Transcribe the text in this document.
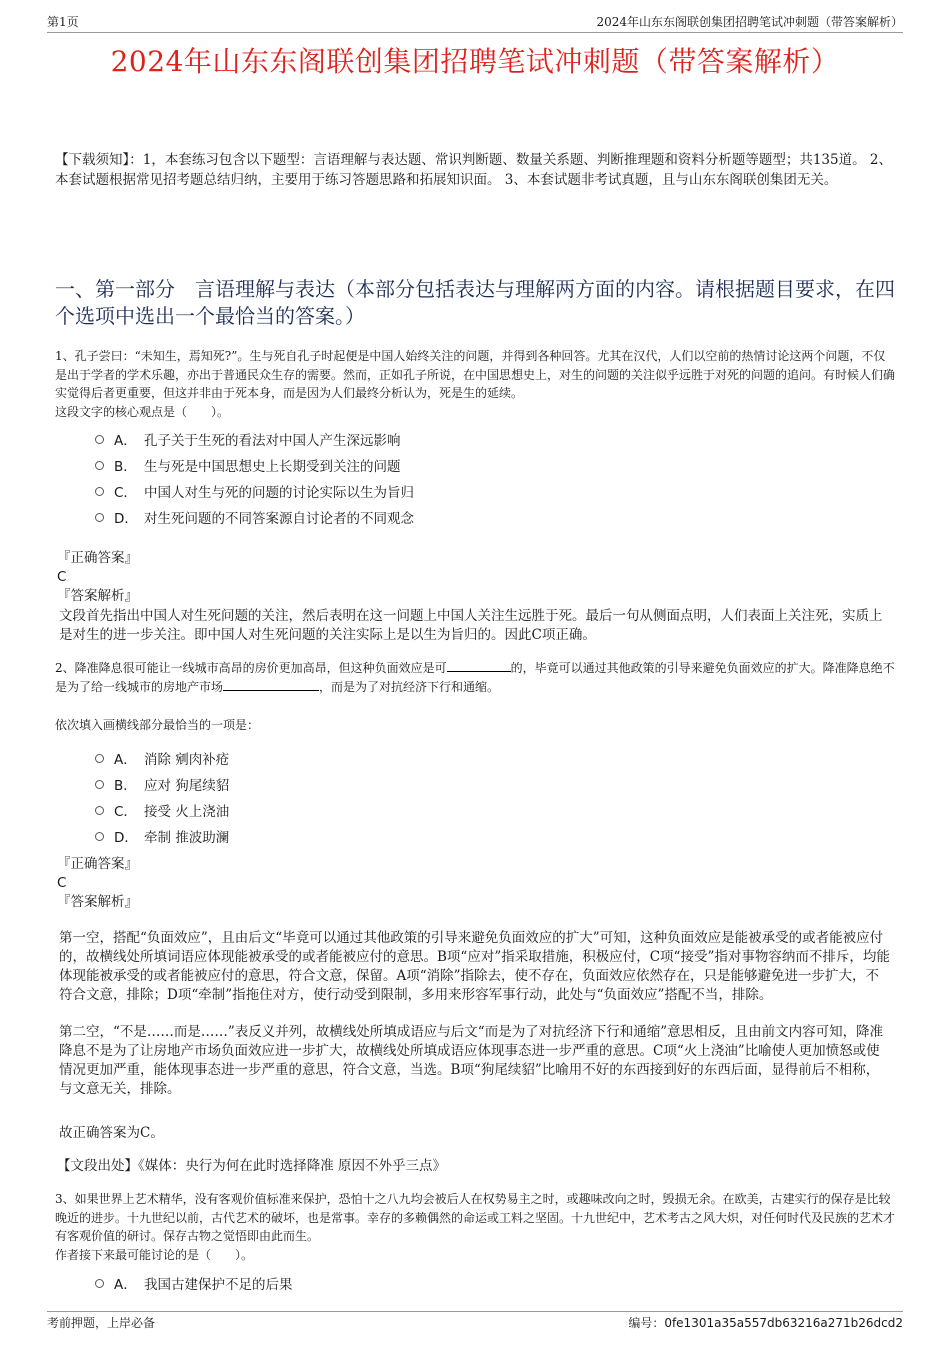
第1页	2024年山东东阁联创集团招聘笔试冲刺题（带答案解析）
2024年山东东阁联创集团招聘笔试冲刺题（带答案解析）
【下载须知】：1，本套练习包含以下题型：言语理解与表达题、常识判断题、数量关系题、判断推理题和资料分析题等题型；共135道。 2、本套试题根据常见招考题总结归纳，主要用于练习答题思路和拓展知识面。 3、本套试题非考试真题，且与山东东阁联创集团无关。
一、第一部分　言语理解与表达（本部分包括表达与理解两方面的内容。请根据题目要求，在四个选项中选出一个最恰当的答案。）
1、孔子尝曰：“未知生，焉知死?”。生与死自孔子时起便是中国人始终关注的问题，并得到各种回答。尤其在汉代，人们以空前的热情讨论这两个问题，不仅是出于学者的学术乐趣，亦出于普通民众生存的需要。然而，正如孔子所说，在中国思想史上，对生的问题的关注似乎远胜于对死的问题的追问。有时候人们确实觉得后者更重要，但这并非由于死本身，而是因为人们最终分析认为，死是生的延续。
这段文字的核心观点是（　　）。
A． 孔子关于生死的看法对中国人产生深远影响
B． 生与死是中国思想史上长期受到关注的问题
C． 中国人对生与死的问题的讨论实际以生为旨归
D． 对生死问题的不同答案源自讨论者的不同观念
『正确答案』
C
『答案解析』
文段首先指出中国人对生死问题的关注，然后表明在这一问题上中国人关注生远胜于死。最后一句从侧面点明，人们表面上关注死，实质上是对生的进一步关注。即中国人对生死问题的关注实际上是以生为旨归的。因此C项正确。
2、降准降息很可能让一线城市高昂的房价更加高昂，但这种负面效应是可	的，毕竟可以通过其他政策的引导来避免负面效应的扩大。降准降息绝不是为了给一线城市的房地产市场	，而是为了对抗经济下行和通缩。
依次填入画横线部分最恰当的一项是：
A． 消除 剜肉补疮
B． 应对 狗尾续貂
C． 接受 火上浇油
D． 牵制 推波助澜
『正确答案』
C
『答案解析』
第一空，搭配“负面效应”，且由后文“毕竟可以通过其他政策的引导来避免负面效应的扩大”可知，这种负面效应是能被承受的或者能被应付的，故横线处所填词语应体现能被承受的或者能被应付的意思。B项“应对”指采取措施，积极应付，C项“接受”指对事物容纳而不排斥，均能体现能被承受的或者能被应付的意思，符合文意，保留。A项“消除”指除去，使不存在，负面效应依然存在，只是能够避免进一步扩大，不符合文意，排除；D项“牵制”指拖住对方，使行动受到限制，多用来形容军事行动，此处与“负面效应”搭配不当，排除。
第二空，“不是……而是……”表反义并列，故横线处所填成语应与后文“而是为了对抗经济下行和通缩”意思相反，且由前文内容可知，降准降息不是为了让房地产市场负面效应进一步扩大，故横线处所填成语应体现事态进一步严重的意思。C项“火上浇油”比喻使人更加愤怒或使情况更加严重，能体现事态进一步严重的意思，符合文意，当选。B项“狗尾续貂”比喻用不好的东西接到好的东西后面，显得前后不相称，与文意无关，排除。
故正确答案为C。
【文段出处】《媒体：央行为何在此时选择降准 原因不外乎三点》
3、如果世界上艺术精华，没有客观价值标准来保护，恐怕十之八九均会被后人在权势易主之时，或趣味改向之时，毁损无余。在欧美，古建实行的保存是比较晚近的进步。十九世纪以前，古代艺术的破坏，也是常事。幸存的多赖偶然的命运或工料之坚固。十九世纪中，艺术考古之风大炽，对任何时代及民族的艺术才有客观价值的研讨。保存古物之觉悟即由此而生。
作者接下来最可能讨论的是（　　）。
A． 我国古建保护不足的后果
考前押题，上岸必备	编号：0fe1301a35a557db63216a271b26dcd2
